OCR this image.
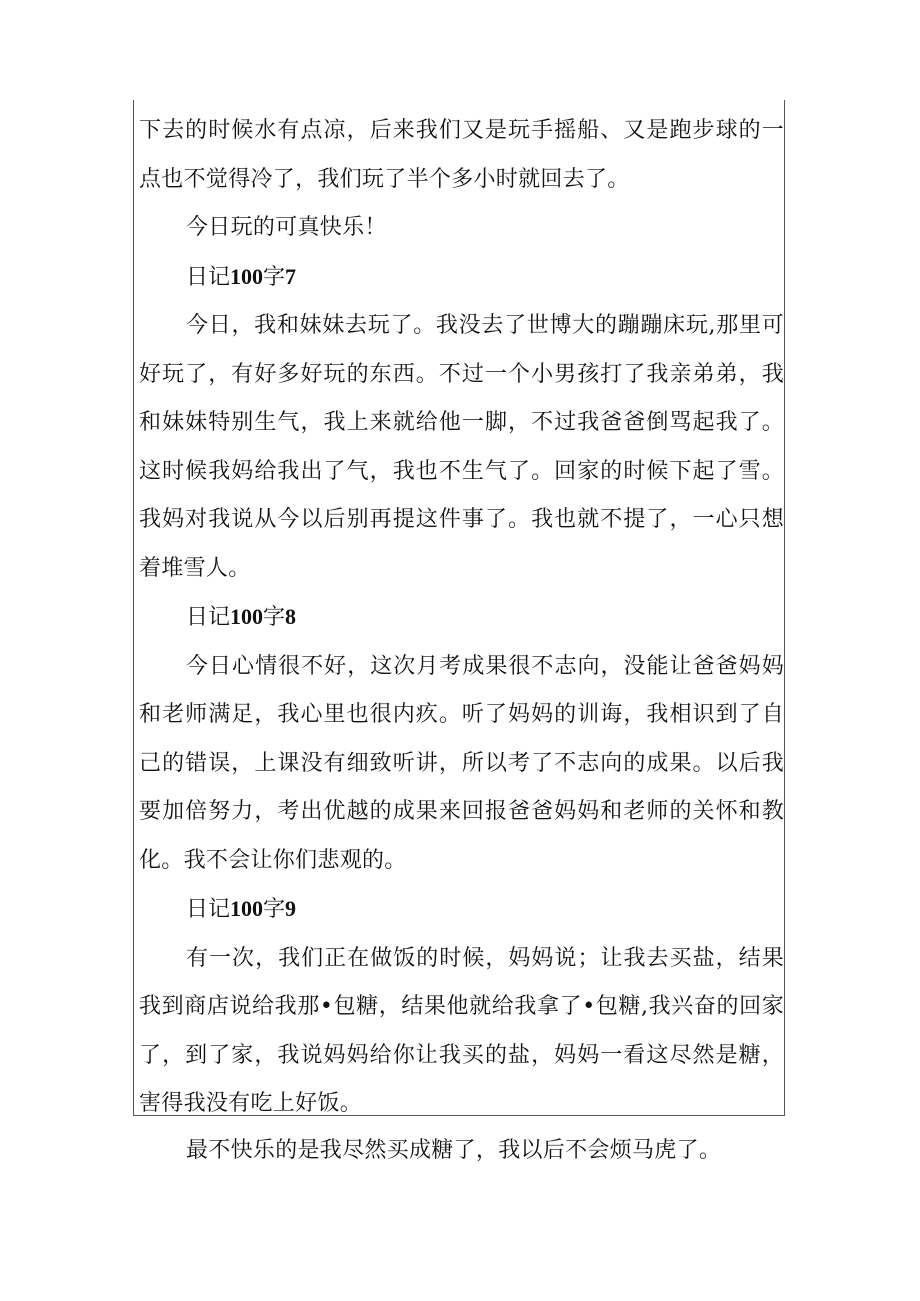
下去的时候水有点凉，后来我们又是玩手摇船、又是跑步球的一点也不觉得冷了，我们玩了半个多小时就回去了。

今日玩的可真快乐！

日记100字7

今日，我和妹妹去玩了。我没去了世博大的蹦蹦床玩,那里可好玩了，有好多好玩的东西。不过一个小男孩打了我亲弟弟，我和妹妹特别生气，我上来就给他一脚，不过我爸爸倒骂起我了。这时候我妈给我出了气，我也不生气了。回家的时候下起了雪。我妈对我说从今以后别再提这件事了。我也就不提了，一心只想着堆雪人。

日记100字8

今日心情很不好，这次月考成果很不志向，没能让爸爸妈妈和老师满足，我心里也很内疚。听了妈妈的训诲，我相识到了自己的错误，上课没有细致听讲，所以考了不志向的成果。以后我要加倍努力，考出优越的成果来回报爸爸妈妈和老师的关怀和教化。我不会让你们悲观的。

日记100字9

有一次，我们正在做饭的时候，妈妈说；让我去买盐，结果我到商店说给我那•包糖，结果他就给我拿了•包糖,我兴奋的回家了，到了家，我说妈妈给你让我买的盐，妈妈一看这尽然是糖，害得我没有吃上好饭。

最不快乐的是我尽然买成糖了，我以后不会烦马虎了。
